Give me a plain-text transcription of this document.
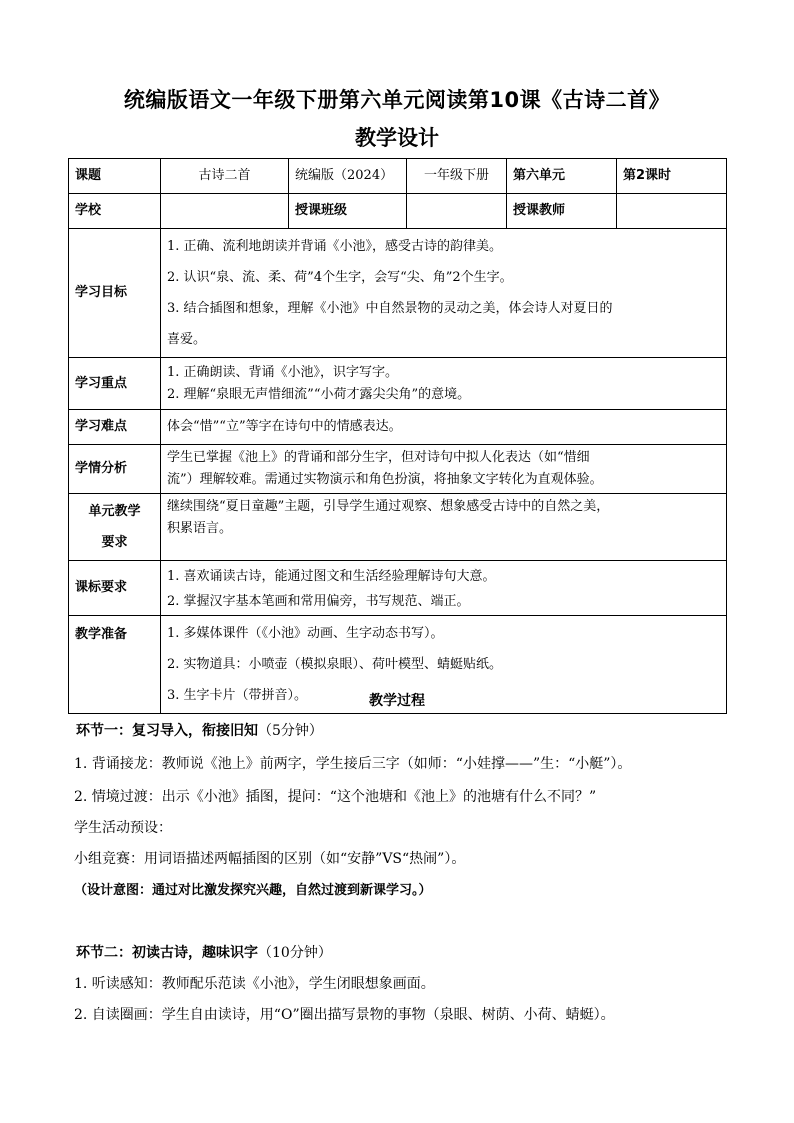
统编版语文一年级下册第六单元阅读第10课《古诗二首》
教学设计
课题	古诗二首	统编版（2024）	一年级下册	第六单元	第2课时
学校		授课班级		授课教师	
学习目标	1. 正确、流利地朗读并背诵《小池》，感受古诗的韵律美。
2. 认识“泉、流、柔、荷”4个生字，会写“尖、角”2个生字。
3. 结合插图和想象，理解《小池》中自然景物的灵动之美，体会诗人对夏日的
喜爱。				

学习重点	1. 正确朗读、背诵《小池》，识字写字。
2. 理解“泉眼无声惜细流”“小荷才露尖尖角”的意境。				

学习难点	体会“惜”“立”等字在诗句中的情感表达。				
学情分析	学生已掌握《池上》的背诵和部分生字，但对诗句中拟人化表达（如“惜细
流”）理解较难。需通过实物演示和角色扮演，将抽象文字转化为直观体验。				

单元教学
要求	继续围绕“夏日童趣”主题，引导学生通过观察、想象感受古诗中的自然之美，
积累语言。				

课标要求	1. 喜欢诵读古诗，能通过图文和生活经验理解诗句大意。
2. 掌握汉字基本笔画和常用偏旁，书写规范、端正。				

教学准备	1. 多媒体课件（《小池》动画、生字动态书写）。
2. 实物道具：小喷壶（模拟泉眼）、荷叶模型、蜻蜓贴纸。
3. 生字卡片（带拼音）。					教学过程
环节一：复习导入，衔接旧知（5分钟）
1. 背诵接龙：教师说《池上》前两字，学生接后三字（如师：“小娃撑——”生：“小艇”）。
2. 情境过渡：出示《小池》插图，提问：“这个池塘和《池上》的池塘有什么不同？”
学生活动预设：
小组竞赛：用词语描述两幅插图的区别（如“安静”VS“热闹”）。
（设计意图：通过对比激发探究兴趣，自然过渡到新课学习。）
环节二：初读古诗，趣味识字（10分钟）
1. 听读感知：教师配乐范读《小池》，学生闭眼想象画面。
2. 自读圈画：学生自由读诗，用“O”圈出描写景物的事物（泉眼、树荫、小荷、蜻蜓）。
